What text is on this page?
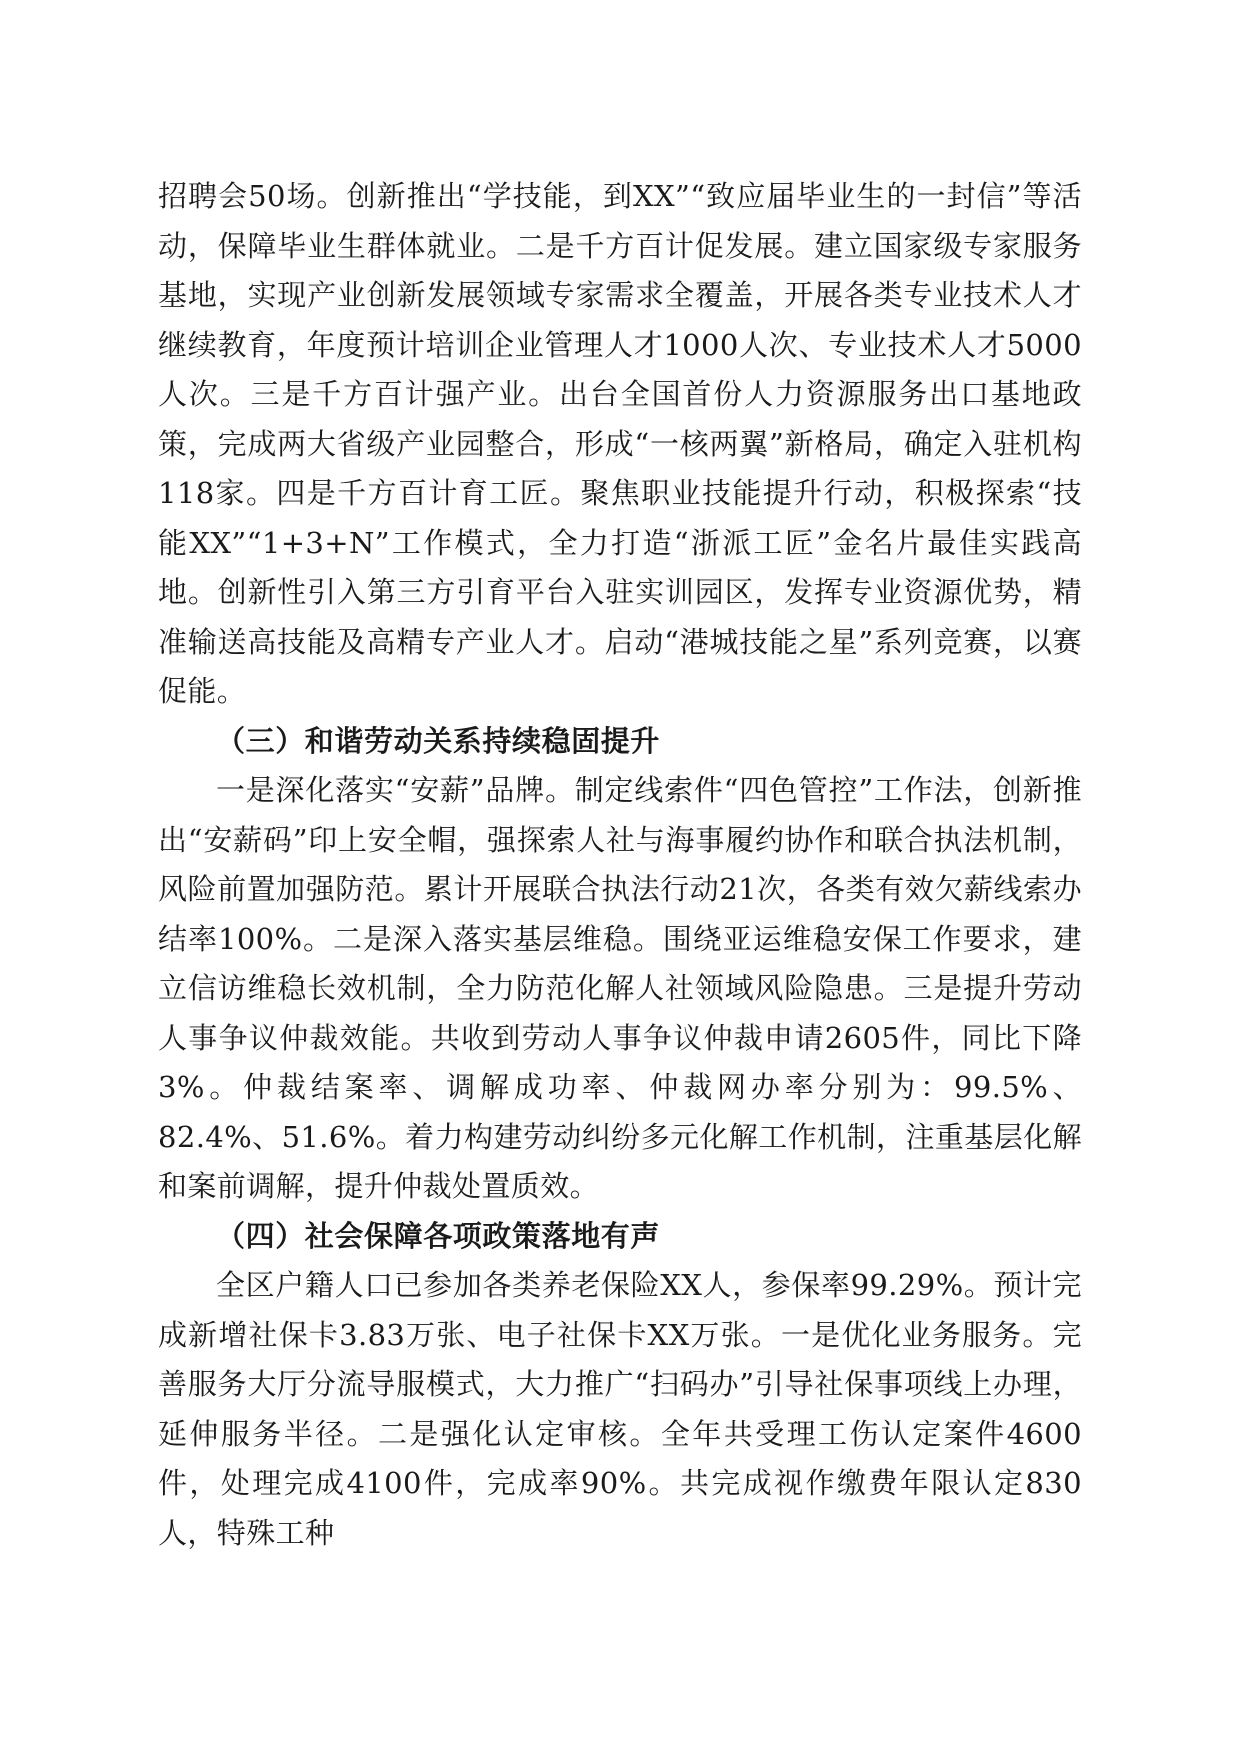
招聘会50场。创新推出“学技能，到XX”“致应届毕业生的一封信”等活动，保障毕业生群体就业。二是千方百计促发展。建立国家级专家服务基地，实现产业创新发展领域专家需求全覆盖，开展各类专业技术人才继续教育，年度预计培训企业管理人才1000人次、专业技术人才5000人次。三是千方百计强产业。出台全国首份人力资源服务出口基地政策，完成两大省级产业园整合，形成“一核两翼”新格局，确定入驻机构118家。四是千方百计育工匠。聚焦职业技能提升行动，积极探索“技能XX”“1+3+N”工作模式，全力打造“浙派工匠”金名片最佳实践高地。创新性引入第三方引育平台入驻实训园区，发挥专业资源优势，精准输送高技能及高精专产业人才。启动“港城技能之星”系列竞赛，以赛促能。

（三）和谐劳动关系持续稳固提升

一是深化落实“安薪”品牌。制定线索件“四色管控”工作法，创新推出“安薪码”印上安全帽，强探索人社与海事履约协作和联合执法机制，风险前置加强防范。累计开展联合执法行动21次，各类有效欠薪线索办结率100%。二是深入落实基层维稳。围绕亚运维稳安保工作要求，建立信访维稳长效机制，全力防范化解人社领域风险隐患。三是提升劳动人事争议仲裁效能。共收到劳动人事争议仲裁申请2605件，同比下降3%。仲裁结案率、调解成功率、仲裁网办率分别为：99.5%、82.4%、51.6%。着力构建劳动纠纷多元化解工作机制，注重基层化解和案前调解，提升仲裁处置质效。

（四）社会保障各项政策落地有声

全区户籍人口已参加各类养老保险XX人，参保率99.29%。预计完成新增社保卡3.83万张、电子社保卡XX万张。一是优化业务服务。完善服务大厅分流导服模式，大力推广“扫码办”引导社保事项线上办理，延伸服务半径。二是强化认定审核。全年共受理工伤认定案件4600件，处理完成4100件，完成率90%。共完成视作缴费年限认定830人，特殊工种
